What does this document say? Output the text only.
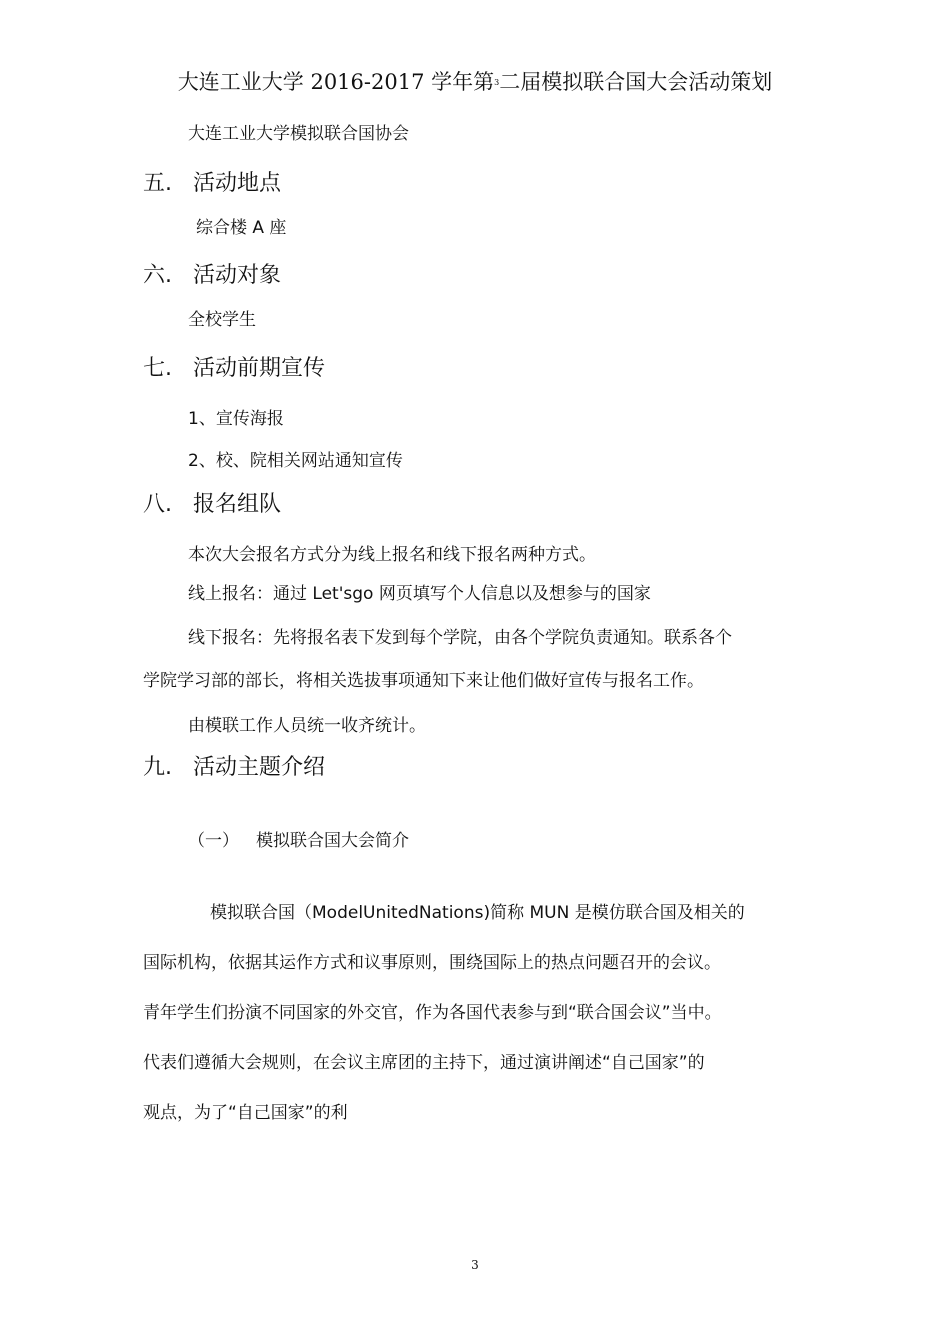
大连工业大学 2016-2017 学年第$^3$二届模拟联合国大会活动策划
大连工业大学模拟联合国协会
五. 活动地点
综合楼 A 座
六. 活动对象
全校学生
七. 活动前期宣传
1、宣传海报
2、校、院相关网站通知宣传
八. 报名组队
本次大会报名方式分为线上报名和线下报名两种方式。
线上报名：通过 Let'sgo 网页填写个人信息以及想参与的国家
线下报名：先将报名表下发到每个学院，由各个学院负责通知。联系各个
学院学习部的部长，将相关选拔事项通知下来让他们做好宣传与报名工作。
由模联工作人员统一收齐统计。
九. 活动主题介绍
（一） 模拟联合国大会简介
模拟联合国（ModelUnitedNations)简称 MUN 是模仿联合国及相关的
国际机构，依据其运作方式和议事原则，围绕国际上的热点问题召开的会议。
青年学生们扮演不同国家的外交官，作为各国代表参与到“联合国会议”当中。
代表们遵循大会规则，在会议主席团的主持下，通过演讲阐述“自己国家”的
观点，为了“自己国家”的利
3
